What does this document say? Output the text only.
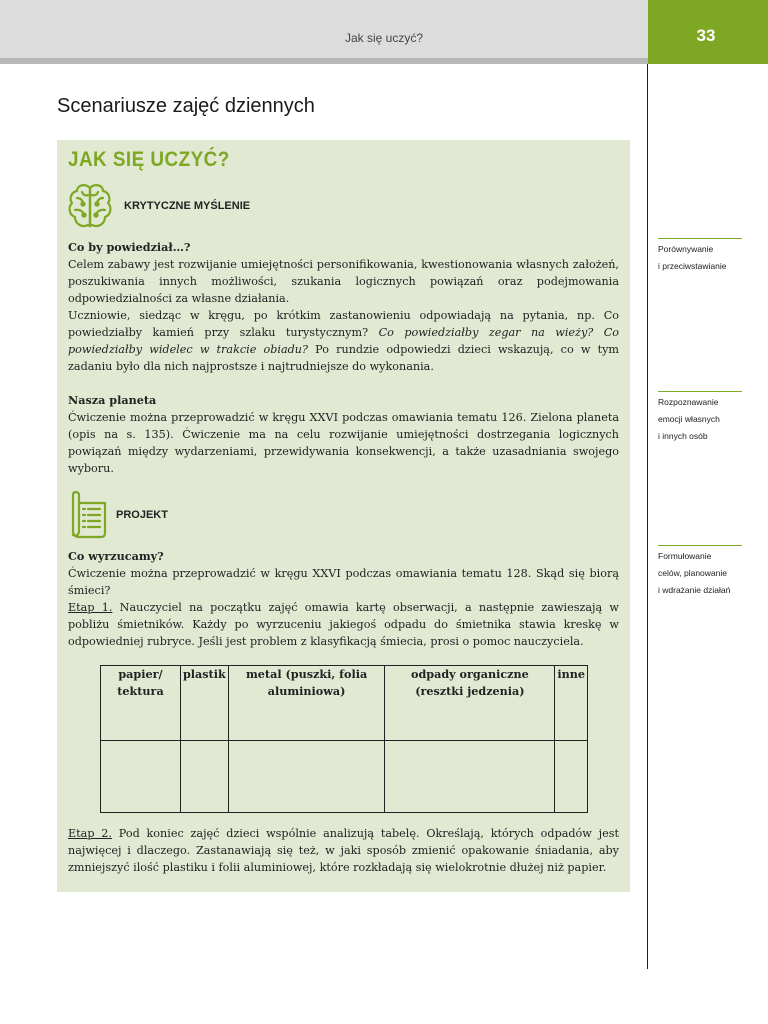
Jak się uczyć?	33
Scenariusze zajęć dziennych
JAK SIĘ UCZYĆ?
KRYTYCZNE MYŚLENIE

Co by powiedział…?

Celem zabawy jest rozwijanie umiejętności personifikowania, kwestionowania własnych założeń, poszukiwania innych możliwości, szukania logicznych powiązań oraz podejmowania odpowiedzialności za własne działania.

Uczniowie, siedząc w kręgu, po krótkim zastanowieniu odpowiadają na pytania, np. Co powiedziałby kamień przy szlaku turystycznym? Co powiedziałby zegar na wieży? Co powiedziałby widelec w trakcie obiadu? Po rundzie odpowiedzi dzieci wskazują, co w tym zadaniu było dla nich najprostsze i najtrudniejsze do wykonania.

Nasza planeta

Ćwiczenie można przeprowadzić w kręgu XXVI podczas omawiania tematu 126. Zielona planeta (opis na s. 135). Ćwiczenie ma na celu rozwijanie umiejętności dostrzegania logicznych powiązań między wydarzeniami, przewidywania konsekwencji, a także uzasadniania swojego wyboru.

PROJEKT

Co wyrzucamy?

Ćwiczenie można przeprowadzić w kręgu XXVI podczas omawiania tematu 128. Skąd się biorą śmieci?

Etap 1. Nauczyciel na początku zajęć omawia kartę obserwacji, a następnie zawieszają w pobliżu śmietników. Każdy po wyrzuceniu jakiegoś odpadu do śmietnika stawia kreskę w odpowiedniej rubryce. Jeśli jest problem z klasyfikacją śmiecia, prosi o pomoc nauczyciela.

papier/ tektura	plastik	metal (puszki, folia aluminiowa)	odpady organiczne (resztki jedzenia)	inne

Etap 2. Pod koniec zajęć dzieci wspólnie analizują tabelę. Określają, których odpadów jest najwięcej i dlaczego. Zastanawiają się też, w jaki sposób zmienić opakowanie śniadania, aby zmniejszyć ilość plastiku i folii aluminiowej, które rozkładają się wielokrotnie dłużej niż papier.

Porównywanie
i przeciwstawianie
Rozpoznawanie
emocji własnych
i innych osób
Formułowanie
celów, planowanie
i wdrażanie działań
